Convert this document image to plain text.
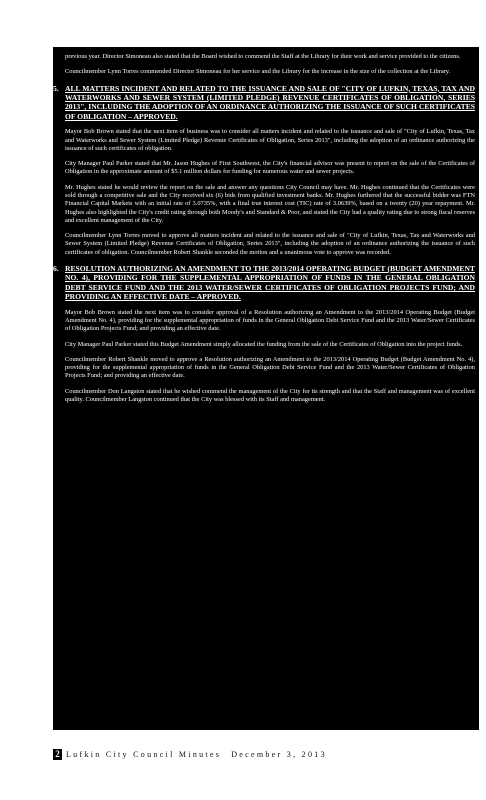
previous year. Director Simoneau also stated that the Board wished to commend the Staff at the Library for their work and service provided to the citizens.

Councilmember Lynn Torres commended Director Simoneau for her service and the Library for the increase in the size of the collection at the Library.

5. ALL MATTERS INCIDENT AND RELATED TO THE ISSUANCE AND SALE OF "CITY OF LUFKIN, TEXAS, TAX AND WATERWORKS AND SEWER SYSTEM (LIMITED PLEDGE) REVENUE CERTIFICATES OF OBLIGATION, SERIES 2013", INCLUDING THE ADOPTION OF AN ORDINANCE AUTHORIZING THE ISSUANCE OF SUCH CERTIFICATES OF OBLIGATION – APPROVED.

Mayor Bob Brown stated that the next item of business was to consider all matters incident and related to the issuance and sale of "City of Lufkin, Texas, Tax and Waterworks and Sewer System (Limited Pledge) Revenue Certificates of Obligation, Series 2013", including the adoption of an ordinance authorizing the issuance of such certificates of obligation.

City Manager Paul Parker stated that Mr. Jason Hughes of First Southwest, the City's financial advisor was present to report on the sale of the Certificates of Obligation in the approximate amount of $5.1 million dollars for funding for numerous water and sewer projects.

Mr. Hughes stated he would review the report on the sale and answer any questions City Council may have. Mr. Hughes continued that the Certificates were sold through a competitive sale and the City received six (6) bids from qualified investment banks. Mr. Hughes furthered that the successful bidder was FTN Financial Capital Markets with an initial rate of 3.0735%, with a final true interest cost (TIC) rate of 3.0639%, based on a twenty (20) year repayment. Mr. Hughes also highlighted the City's credit rating through both Moody's and Standard & Poor, and stated the City had a quality rating due to strong fiscal reserves and excellent management of the City.

Councilmember Lynn Torres moved to approve all matters incident and related to the issuance and sale of "City of Lufkin, Texas, Tax and Waterworks and Sewer System (Limited Pledge) Revenue Certificates of Obligation, Series 2013", including the adoption of an ordinance authorizing the issuance of such certificates of obligation. Councilmember Robert Shankle seconded the motion and a unanimous vote to approve was recorded.

6. RESOLUTION AUTHORIZING AN AMENDMENT TO THE 2013/2014 OPERATING BUDGET (BUDGET AMENDMENT NO. 4), PROVIDING FOR THE SUPPLEMENTAL APPROPRIATION OF FUNDS IN THE GENERAL OBLIGATION DEBT SERVICE FUND AND THE 2013 WATER/SEWER CERTIFICATES OF OBLIGATION PROJECTS FUND; AND PROVIDING AN EFFECTIVE DATE – APPROVED.

Mayor Bob Brown stated the next item was to consider approval of a Resolution authorizing an Amendment to the 2013/2014 Operating Budget (Budget Amendment No. 4), providing for the supplemental appropriation of funds in the General Obligation Debt Service Fund and the 2013 Water/Sewer Certificates of Obligation Projects Fund; and providing an effective date.

City Manager Paul Parker stated this Budget Amendment simply allocated the funding from the sale of the Certificates of Obligation into the project funds.

Councilmember Robert Shankle moved to approve a Resolution authorizing an Amendment to the 2013/2014 Operating Budget (Budget Amendment No. 4), providing for the supplemental appropriation of funds in the General Obligation Debt Service Fund and the 2013 Water/Sewer Certificates of Obligation Projects Fund; and providing an effective date.

Councilmember Don Langston stated that he wished commend the management of the City for its strength and that the Staff and management was of excellent quality. Councilmember Langston continued that the City was blessed with its Staff and management.

2 Lufkin City Council Minutes December 3, 2013
